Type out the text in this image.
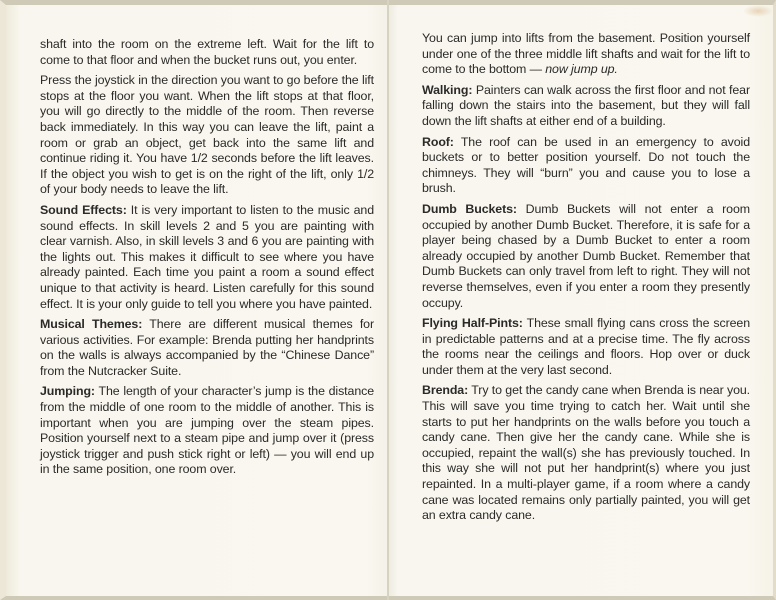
shaft into the room on the extreme left. Wait for the lift to come to that floor and when the bucket runs out, you enter.

Press the joystick in the direction you want to go before the lift stops at the floor you want. When the lift stops at that floor, you will go directly to the middle of the room. Then reverse back immediately. In this way you can leave the lift, paint a room or grab an object, get back into the same lift and continue riding it. You have 1/2 seconds before the lift leaves. If the object you wish to get is on the right of the lift, only 1/2 of your body needs to leave the lift.

Sound Effects: It is very important to listen to the music and sound effects. In skill levels 2 and 5 you are painting with clear varnish. Also, in skill levels 3 and 6 you are painting with the lights out. This makes it difficult to see where you have already painted. Each time you paint a room a sound effect unique to that activity is heard. Listen carefully for this sound effect. It is your only guide to tell you where you have painted.

Musical Themes: There are different musical themes for various activities. For example: Brenda putting her handprints on the walls is always accompanied by the “Chinese Dance” from the Nutcracker Suite.

Jumping: The length of your character’s jump is the distance from the middle of one room to the middle of another. This is important when you are jumping over the steam pipes. Position yourself next to a steam pipe and jump over it (press joystick trigger and push stick right or left) — you will end up in the same position, one room over.

You can jump into lifts from the basement. Position yourself under one of the three middle lift shafts and wait for the lift to come to the bottom — now jump up.

Walking: Painters can walk across the first floor and not fear falling down the stairs into the basement, but they will fall down the lift shafts at either end of a building.

Roof: The roof can be used in an emergency to avoid buckets or to better position yourself. Do not touch the chimneys. They will “burn” you and cause you to lose a brush.

Dumb Buckets: Dumb Buckets will not enter a room occupied by another Dumb Bucket. Therefore, it is safe for a player being chased by a Dumb Bucket to enter a room already occupied by another Dumb Bucket. Remember that Dumb Buckets can only travel from left to right. They will not reverse themselves, even if you enter a room they presently occupy.

Flying Half-Pints: These small flying cans cross the screen in predictable patterns and at a precise time. The fly across the rooms near the ceilings and floors. Hop over or duck under them at the very last second.

Brenda: Try to get the candy cane when Brenda is near you. This will save you time trying to catch her. Wait until she starts to put her handprints on the walls before you touch a candy cane. Then give her the candy cane. While she is occupied, repaint the wall(s) she has previously touched. In this way she will not put her handprint(s) where you just repainted. In a multi-player game, if a room where a candy cane was located remains only partially painted, you will get an extra candy cane.
